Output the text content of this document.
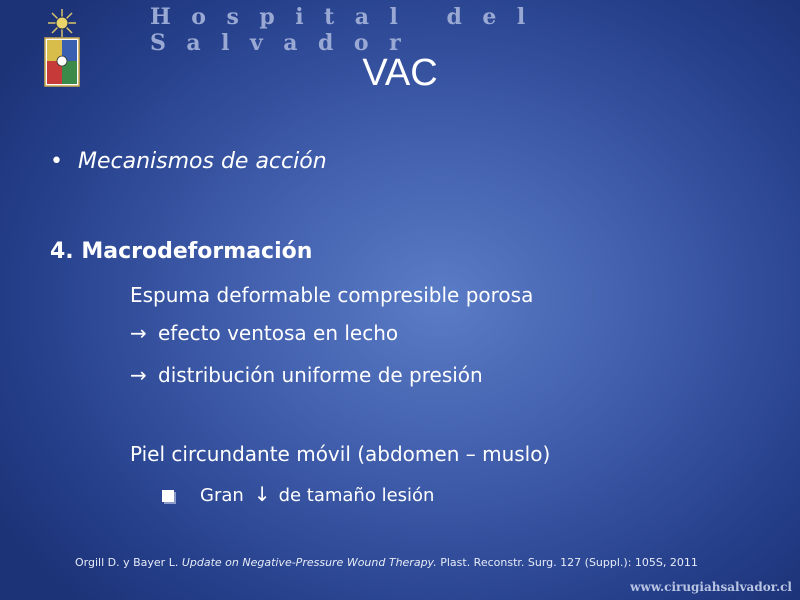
Hospital del Salvador
VAC
• Mecanismos de acción
4. Macrodeformación
Espuma deformable compresible porosa
→ efecto ventosa en lecho
→ distribución uniforme de presión
Piel circundante móvil (abdomen – muslo)
Gran ↓ de tamaño lesión
Orgill D. y Bayer L. Update on Negative-Pressure Wound Therapy. Plast. Reconstr. Surg. 127 (Suppl.): 105S, 2011
www.cirugiahsalvador.cl
